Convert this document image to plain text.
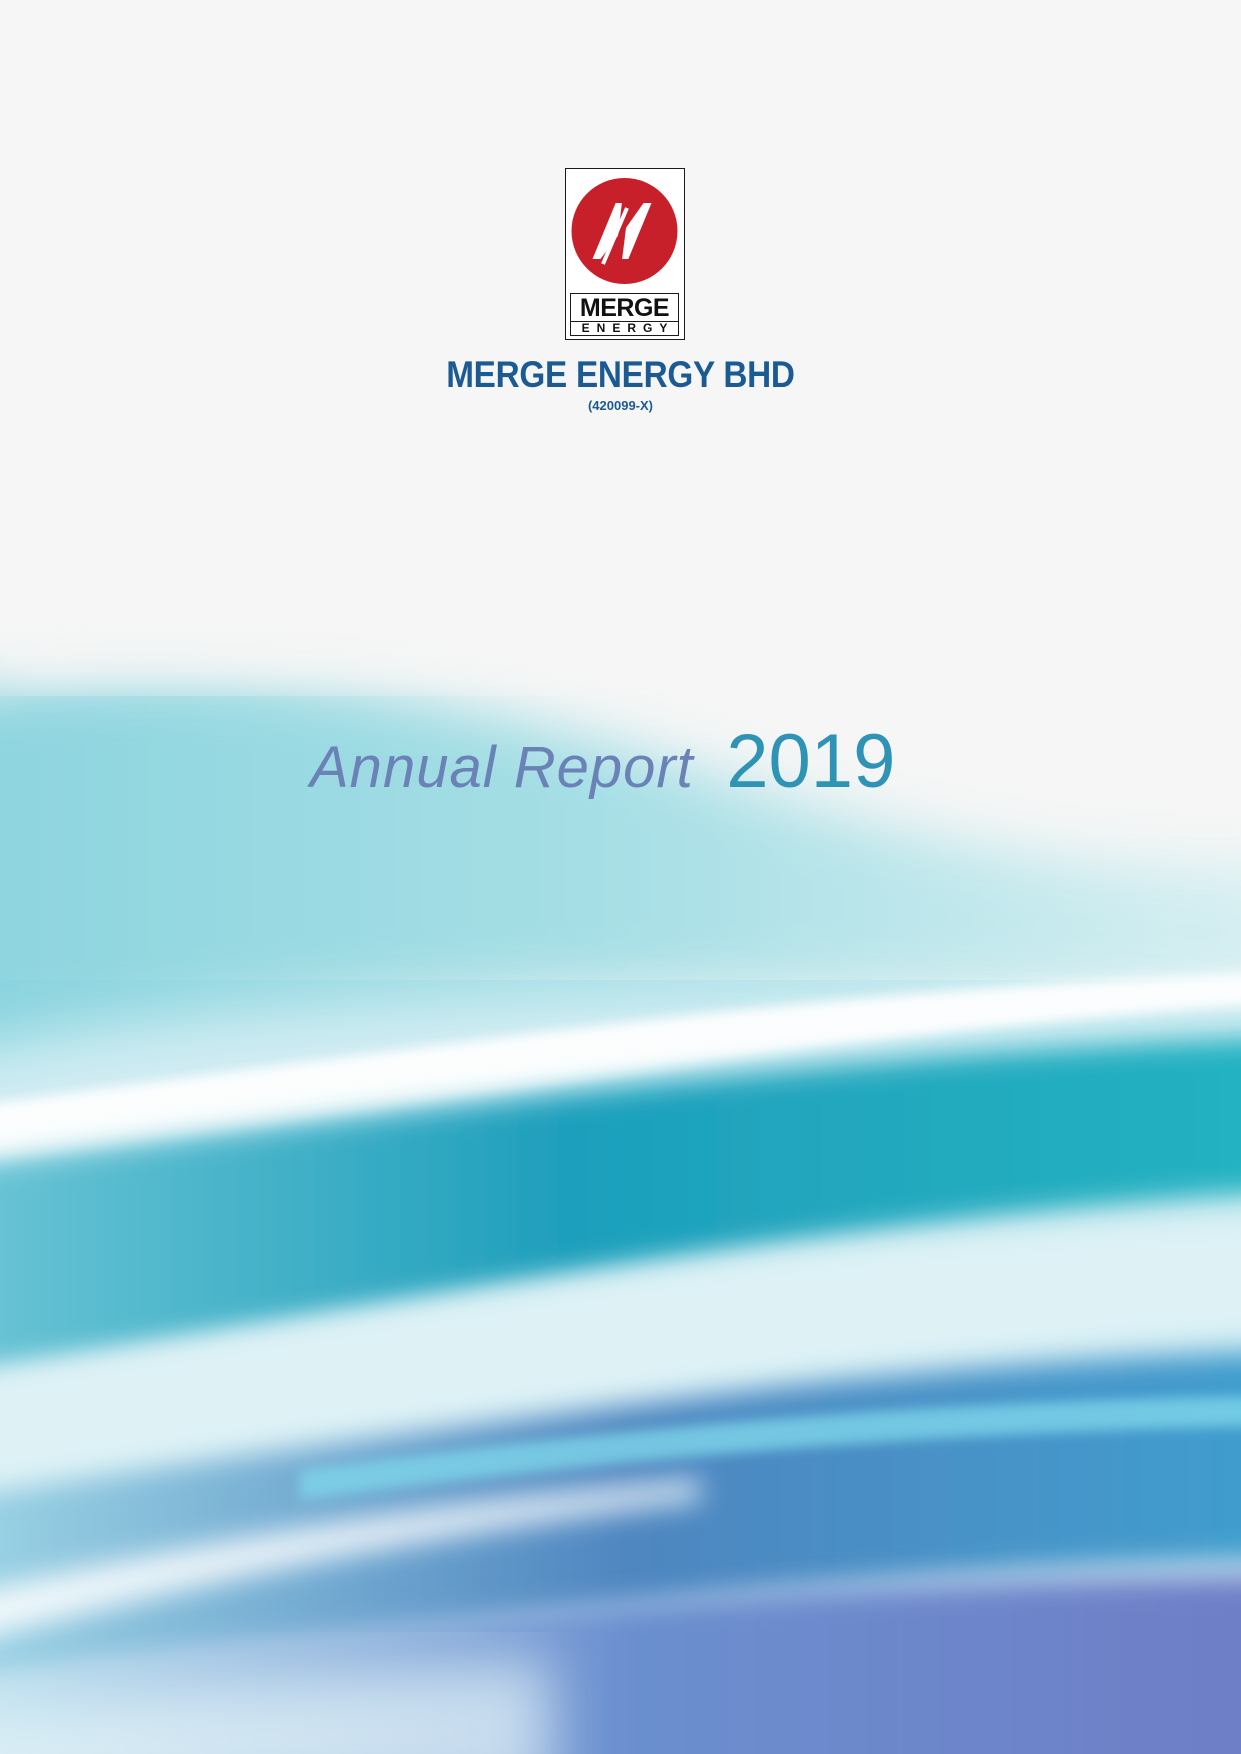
MERGE
ENERGY
MERGE ENERGY BHD
(420099-X)
Annual Report 2019
